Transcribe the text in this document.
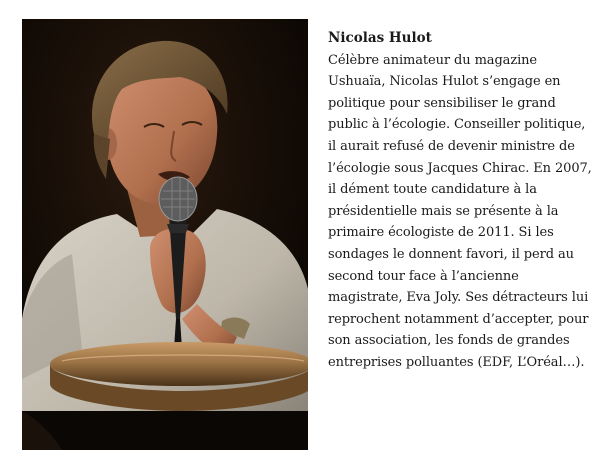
Nicolas Hulot
Célèbre animateur du magazine Ushuaïa, Nicolas Hulot s’engage en politique pour sensibiliser le grand public à l’écologie. Conseiller politique, il aurait refusé de devenir ministre de l’écologie sous Jacques Chirac. En 2007, il dément toute candidature à la présidentielle mais se présente à la primaire écologiste de 2011. Si les sondages le donnent favori, il perd au second tour face à l’ancienne magistrate, Eva Joly. Ses détracteurs lui reprochent notamment d’accepter, pour son association, les fonds de grandes entreprises polluantes (EDF, L’Oréal…).
